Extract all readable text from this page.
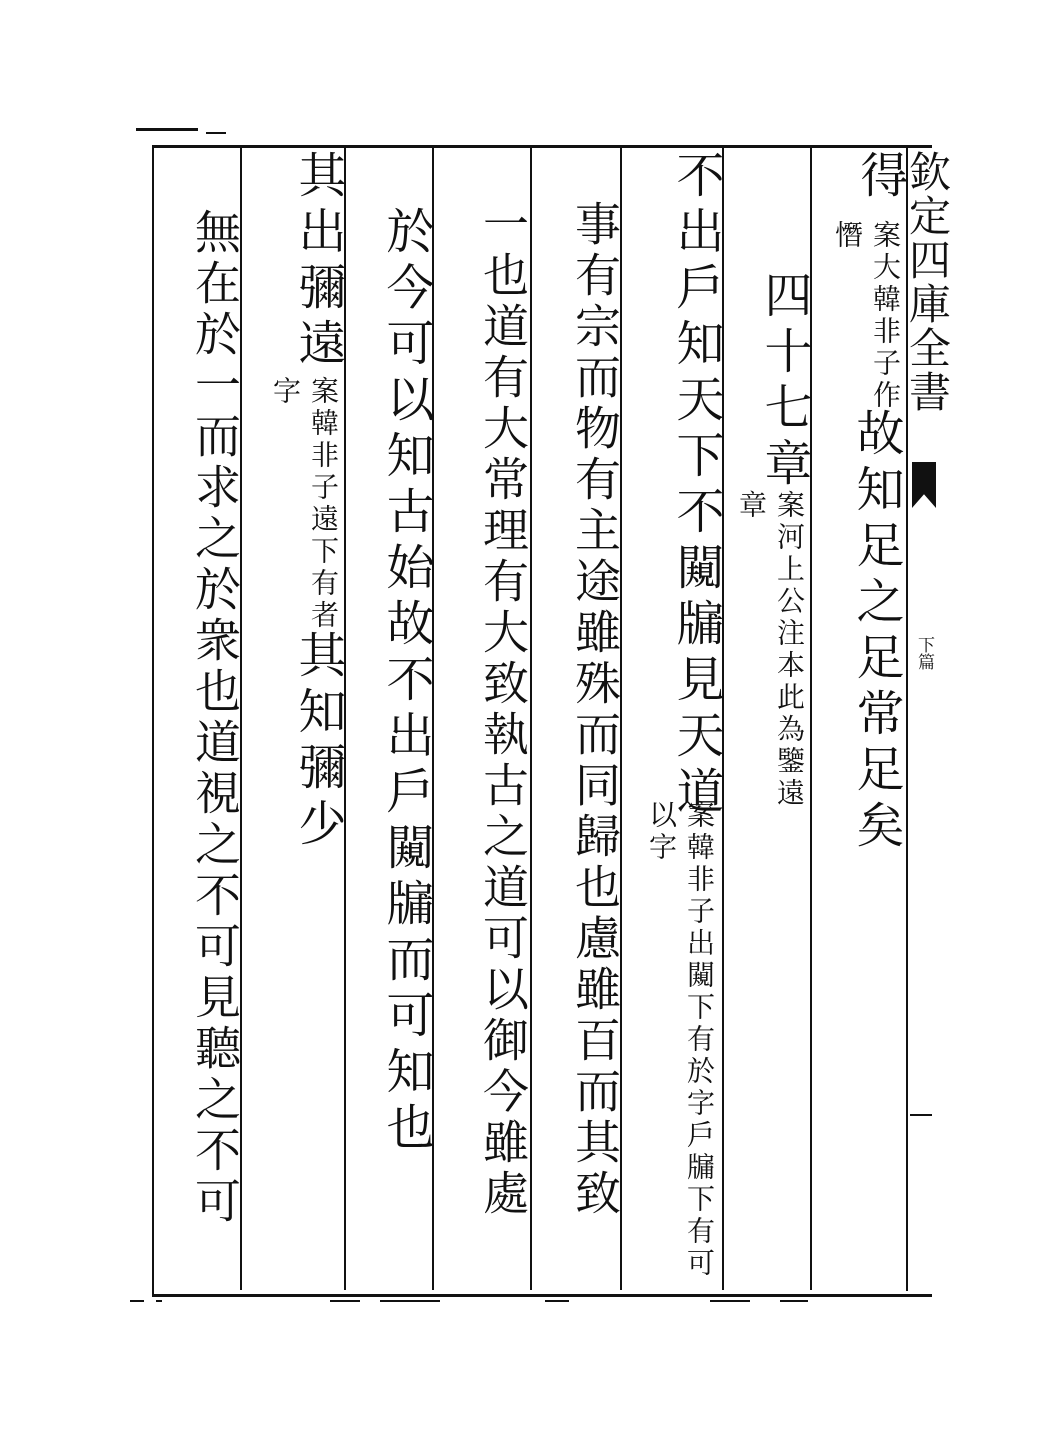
欽定四庫全書
下篇
得
案大韓非子作憯
故知足之足常足矣
四十七章
案河上公注本此為鑒遠章
不出戶知天下不闚牖見天道
案韓非子出闚下有於字戶牖下有可以字
事有宗而物有主途雖殊而同歸也慮雖百而其致
一也道有大常理有大致執古之道可以御今雖處
於今可以知古始故不出戶闚牖而可知也
其出彌遠
案韓非子遠下有者字
其知彌少
無在於一而求之於衆也道視之不可見聽之不可
